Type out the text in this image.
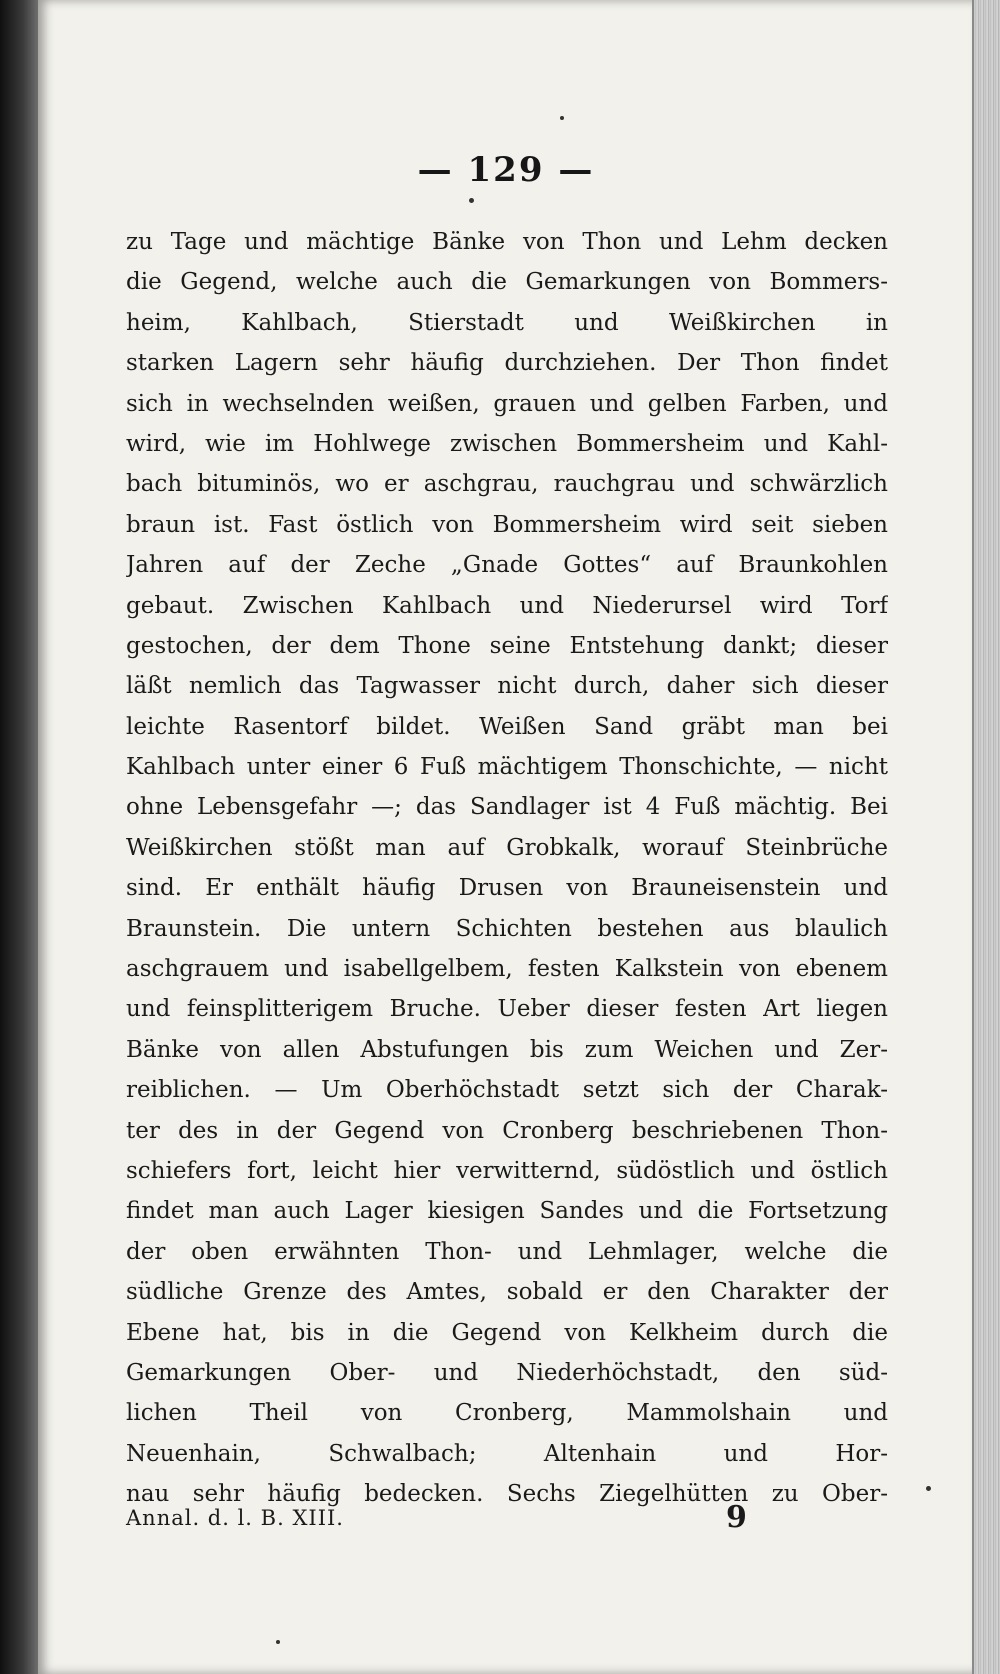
— 129 —
zu Tage und mächtige Bänke von Thon und Lehm decken
die Gegend, welche auch die Gemarkungen von Bommers-
heim, Kahlbach, Stierstadt und Weißkirchen in
starken Lagern sehr häufig durchziehen. Der Thon findet
sich in wechselnden weißen, grauen und gelben Farben, und
wird, wie im Hohlwege zwischen Bommersheim und Kahl-
bach bituminös, wo er aschgrau, rauchgrau und schwärzlich
braun ist. Fast östlich von Bommersheim wird seit sieben
Jahren auf der Zeche „Gnade Gottes“ auf Braunkohlen
gebaut. Zwischen Kahlbach und Niederursel wird Torf
gestochen, der dem Thone seine Entstehung dankt; dieser
läßt nemlich das Tagwasser nicht durch, daher sich dieser
leichte Rasentorf bildet. Weißen Sand gräbt man bei
Kahlbach unter einer 6 Fuß mächtigem Thonschichte, — nicht
ohne Lebensgefahr —; das Sandlager ist 4 Fuß mächtig. Bei
Weißkirchen stößt man auf Grobkalk, worauf Steinbrüche
sind. Er enthält häufig Drusen von Brauneisenstein und
Braunstein. Die untern Schichten bestehen aus blaulich
aschgrauem und isabellgelbem, festen Kalkstein von ebenem
und feinsplitterigem Bruche. Ueber dieser festen Art liegen
Bänke von allen Abstufungen bis zum Weichen und Zer-
reiblichen. — Um Oberhöchstadt setzt sich der Charak-
ter des in der Gegend von Cronberg beschriebenen Thon-
schiefers fort, leicht hier verwitternd, südöstlich und östlich
findet man auch Lager kiesigen Sandes und die Fortsetzung
der oben erwähnten Thon- und Lehmlager, welche die
südliche Grenze des Amtes, sobald er den Charakter der
Ebene hat, bis in die Gegend von Kelkheim durch die
Gemarkungen Ober- und Niederhöchstadt, den süd-
lichen Theil von Cronberg, Mammolshain und
Neuenhain, Schwalbach; Altenhain und Hor-
nau sehr häufig bedecken. Sechs Ziegelhütten zu Ober-
Annal. d. l. B. XIII.	9
